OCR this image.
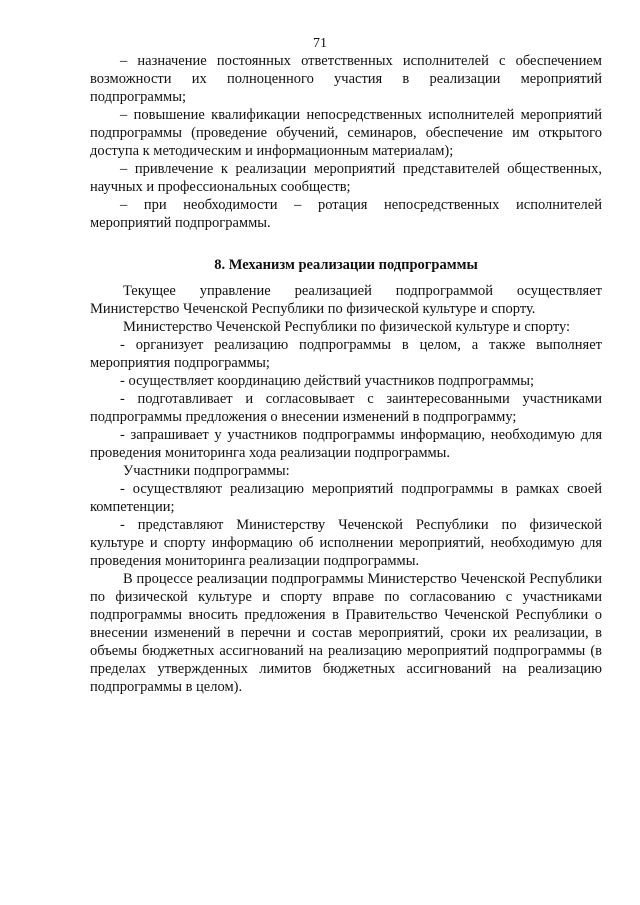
71

– назначение постоянных ответственных исполнителей с обеспечением возможности их полноценного участия в реализации мероприятий подпрограммы;

– повышение квалификации непосредственных исполнителей мероприятий подпрограммы (проведение обучений, семинаров, обеспечение им открытого доступа к методическим и информационным материалам);

– привлечение к реализации мероприятий представителей общественных, научных и профессиональных сообществ;

– при необходимости – ротация непосредственных исполнителей мероприятий подпрограммы.

8. Механизм реализации подпрограммы

Текущее управление реализацией подпрограммой осуществляет Министерство Чеченской Республики по физической культуре и спорту.

Министерство Чеченской Республики по физической культуре и спорту:

- организует реализацию подпрограммы в целом, а также выполняет мероприятия подпрограммы;

- осуществляет координацию действий участников подпрограммы;

- подготавливает и согласовывает с заинтересованными участниками подпрограммы предложения о внесении изменений в подпрограмму;

- запрашивает у участников подпрограммы информацию, необходимую для проведения мониторинга хода реализации подпрограммы.

Участники подпрограммы:

- осуществляют реализацию мероприятий подпрограммы в рамках своей компетенции;

- представляют Министерству Чеченской Республики по физической культуре и спорту информацию об исполнении мероприятий, необходимую для проведения мониторинга реализации подпрограммы.

В процессе реализации подпрограммы Министерство Чеченской Республики по физической культуре и спорту вправе по согласованию с участниками подпрограммы вносить предложения в Правительство Чеченской Республики о внесении изменений в перечни и состав мероприятий, сроки их реализации, в объемы бюджетных ассигнований на реализацию мероприятий подпрограммы (в пределах утвержденных лимитов бюджетных ассигнований на реализацию подпрограммы в целом).
